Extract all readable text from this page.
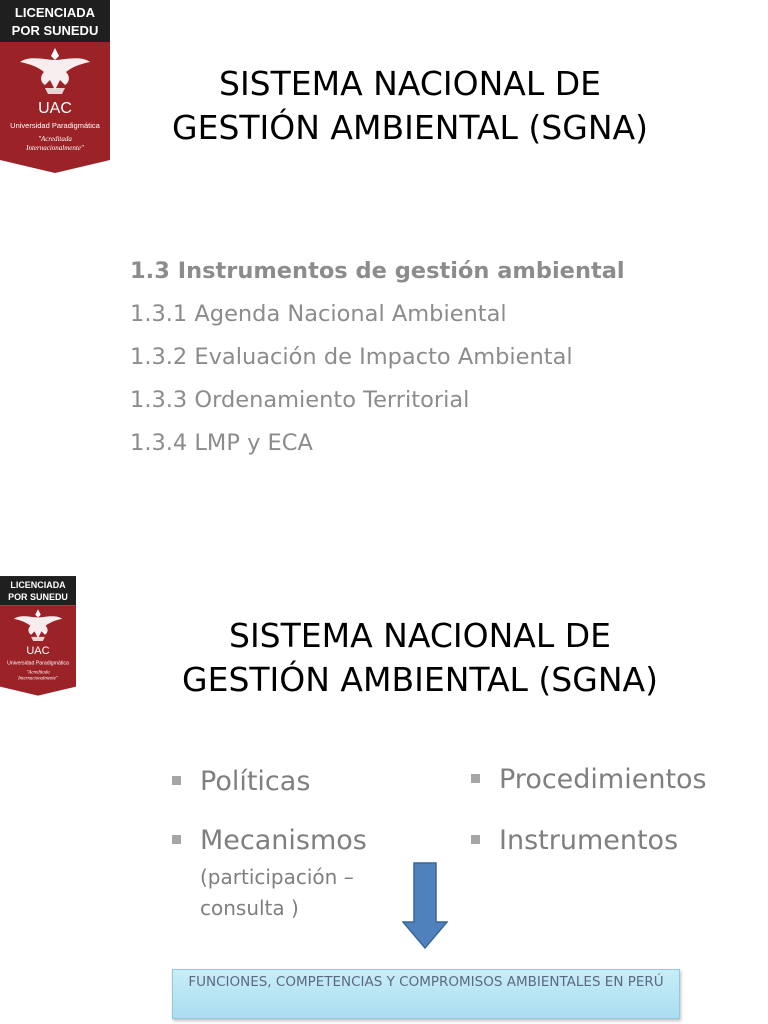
LICENCIADA
POR SUNEDU
UAC
Universidad Paradigmática
"Acreditada
Internacionalmente"
SISTEMA NACIONAL DE
GESTIÓN AMBIENTAL (SGNA)
1.3 Instrumentos de gestión ambiental
1.3.1 Agenda Nacional Ambiental
1.3.2 Evaluación de Impacto Ambiental
1.3.3 Ordenamiento Territorial
1.3.4 LMP y ECA
LICENCIADA
POR SUNEDU
UAC
Universidad Paradigmática
"Acreditada
Internacionalmente"
SISTEMA NACIONAL DE
GESTIÓN AMBIENTAL (SGNA)
Políticas	Procedimientos
Mecanismos
(participación – consulta )
Instrumentos
FUNCIONES, COMPETENCIAS Y COMPROMISOS AMBIENTALES EN PERÚ
